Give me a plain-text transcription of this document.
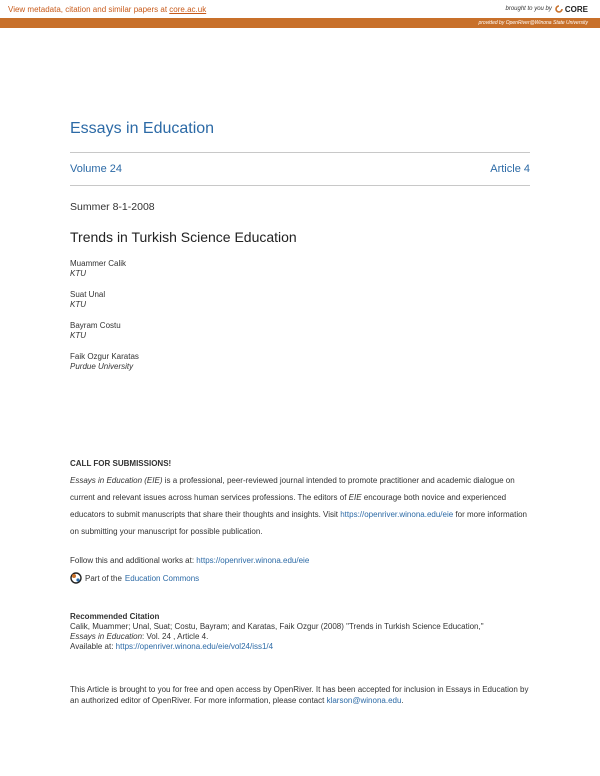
View metadata, citation and similar papers at core.ac.uk	brought to you by CORE
provided by OpenRiver@Winona State University
Essays in Education
Volume 24	Article 4
Summer 8-1-2008
Trends in Turkish Science Education
Muammer Calik
KTU
Suat Unal
KTU
Bayram Costu
KTU
Faik Ozgur Karatas
Purdue University
CALL FOR SUBMISSIONS!
Essays in Education (EIE) is a professional, peer-reviewed journal intended to promote practitioner and academic dialogue on current and relevant issues across human services professions. The editors of EIE encourage both novice and experienced educators to submit manuscripts that share their thoughts and insights. Visit https://openriver.winona.edu/eie for more information on submitting your manuscript for possible publication.
Follow this and additional works at: https://openriver.winona.edu/eie
Part of the Education Commons
Recommended Citation
Calik, Muammer; Unal, Suat; Costu, Bayram; and Karatas, Faik Ozgur (2008) "Trends in Turkish Science Education,"
Essays in Education: Vol. 24 , Article 4.
Available at: https://openriver.winona.edu/eie/vol24/iss1/4
This Article is brought to you for free and open access by OpenRiver. It has been accepted for inclusion in Essays in Education by an authorized editor of OpenRiver. For more information, please contact klarson@winona.edu.
